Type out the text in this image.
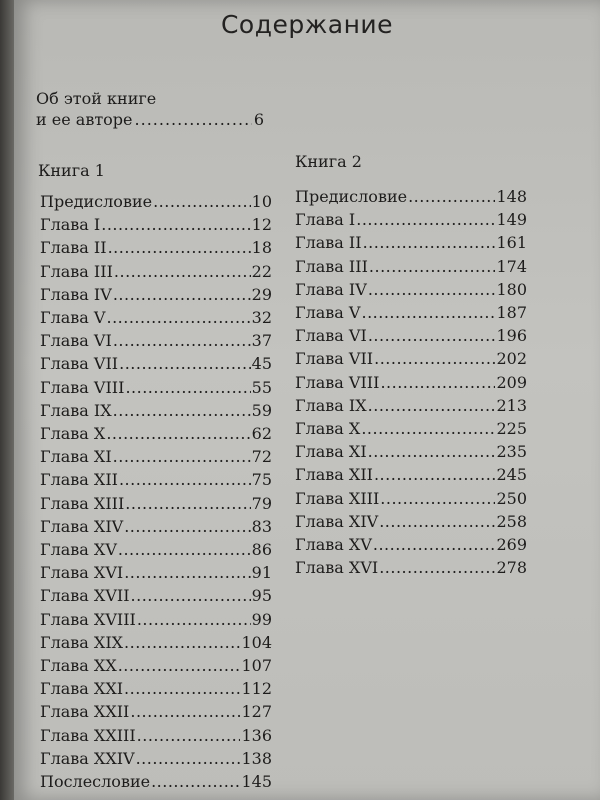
Содержание
Об этой книге
и ее авторе .....	6
Книга 1
Предисловие .....	10
Глава I .....	12
Глава II .....	18
Глава III .....	22
Глава IV .....	29
Глава V .....	32
Глава VI .....	37
Глава VII .....	45
Глава VIII .....	55
Глава IX .....	59
Глава X .....	62
Глава XI .....	72
Глава XII .....	75
Глава XIII .....	79
Глава XIV .....	83
Глава XV .....	86
Глава XVI .....	91
Глава XVII .....	95
Глава XVIII .....	99
Глава XIX .....	104
Глава XX .....	107
Глава XXI .....	112
Глава XXII .....	127
Глава XXIII .....	136
Глава XXIV .....	138
Послесловие .....	145
Книга 2
Предисловие .....	148
Глава I .....	149
Глава II .....	161
Глава III .....	174
Глава IV .....	180
Глава V .....	187
Глава VI .....	196
Глава VII .....	202
Глава VIII .....	209
Глава IX .....	213
Глава X .....	225
Глава XI .....	235
Глава XII .....	245
Глава XIII .....	250
Глава XIV .....	258
Глава XV .....	269
Глава XVI .....	278
